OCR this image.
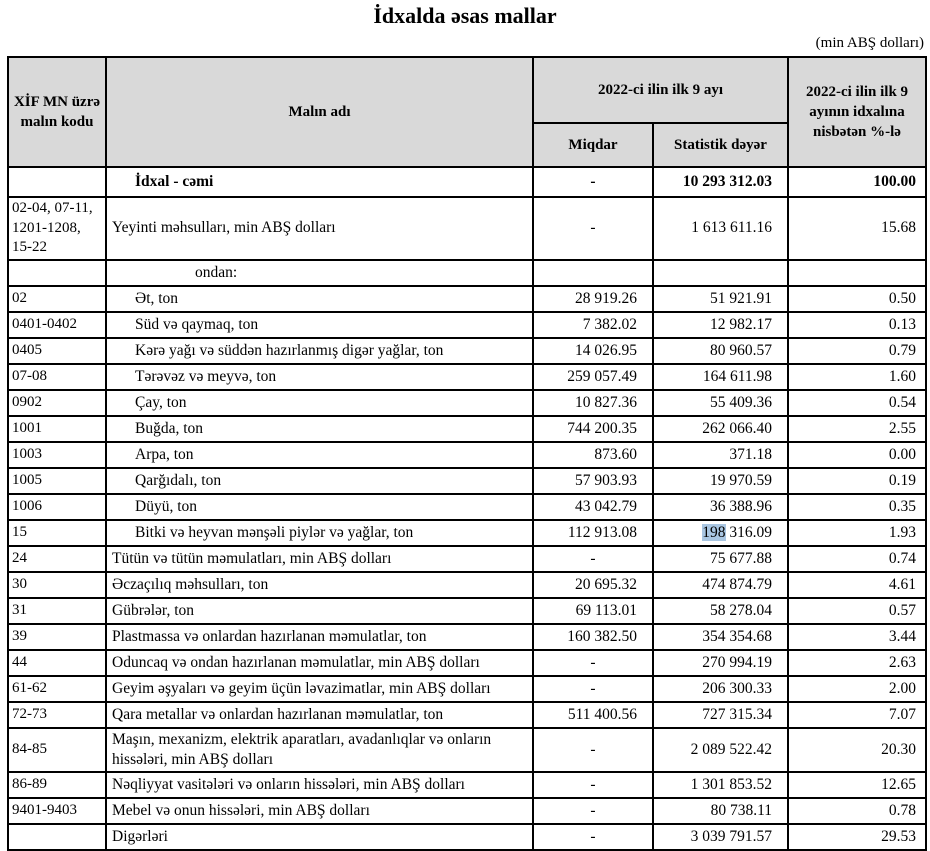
İdxalda əsas mallar
(min ABŞ dolları)
XİF MN üzrə malın kodu	Malın adı	2022-ci ilin ilk 9 ayı		2022-ci ilin ilk 9 ayının idxalına nisbətən %-lə
		Miqdar	Statistik dəyər	
	İdxal - cəmi	-	10 293 312.03	100.00
02-04, 07-11, 1201-1208, 15-22	Yeyinti məhsulları, min ABŞ dolları	-	1 613 611.16	15.68
	ondan:			
02	Ət, ton	28 919.26	51 921.91	0.50
0401-0402	Süd və qaymaq, ton	7 382.02	12 982.17	0.13
0405	Kərə yağı və süddən hazırlanmış digər yağlar, ton	14 026.95	80 960.57	0.79
07-08	Tərəvəz və meyvə, ton	259 057.49	164 611.98	1.60
0902	Çay, ton	10 827.36	55 409.36	0.54
1001	Buğda, ton	744 200.35	262 066.40	2.55
1003	Arpa, ton	873.60	371.18	0.00
1005	Qarğıdalı, ton	57 903.93	19 970.59	0.19
1006	Düyü, ton	43 042.79	36 388.96	0.35
15	Bitki və heyvan mənşəli piylər və yağlar, ton	112 913.08	198 316.09	1.93
24	Tütün və tütün məmulatları, min ABŞ dolları	-	75 677.88	0.74
30	Əczaçılıq məhsulları, ton	20 695.32	474 874.79	4.61
31	Gübrələr, ton	69 113.01	58 278.04	0.57
39	Plastmassa və onlardan hazırlanan məmulatlar, ton	160 382.50	354 354.68	3.44
44	Oduncaq və ondan hazırlanan məmulatlar, min ABŞ dolları	-	270 994.19	2.63
61-62	Geyim əşyaları və geyim üçün ləvazimatlar, min ABŞ dolları	-	206 300.33	2.00
72-73	Qara metallar və onlardan hazırlanan məmulatlar, ton	511 400.56	727 315.34	7.07
84-85	Maşın, mexanizm, elektrik aparatları, avadanlıqlar və onların hissələri, min ABŞ dolları	-	2 089 522.42	20.30
86-89	Nəqliyyat vasitələri və onların hissələri, min ABŞ dolları	-	1 301 853.52	12.65
9401-9403	Mebel və onun hissələri, min ABŞ dolları	-	80 738.11	0.78
	Digərləri	-	3 039 791.57	29.53
